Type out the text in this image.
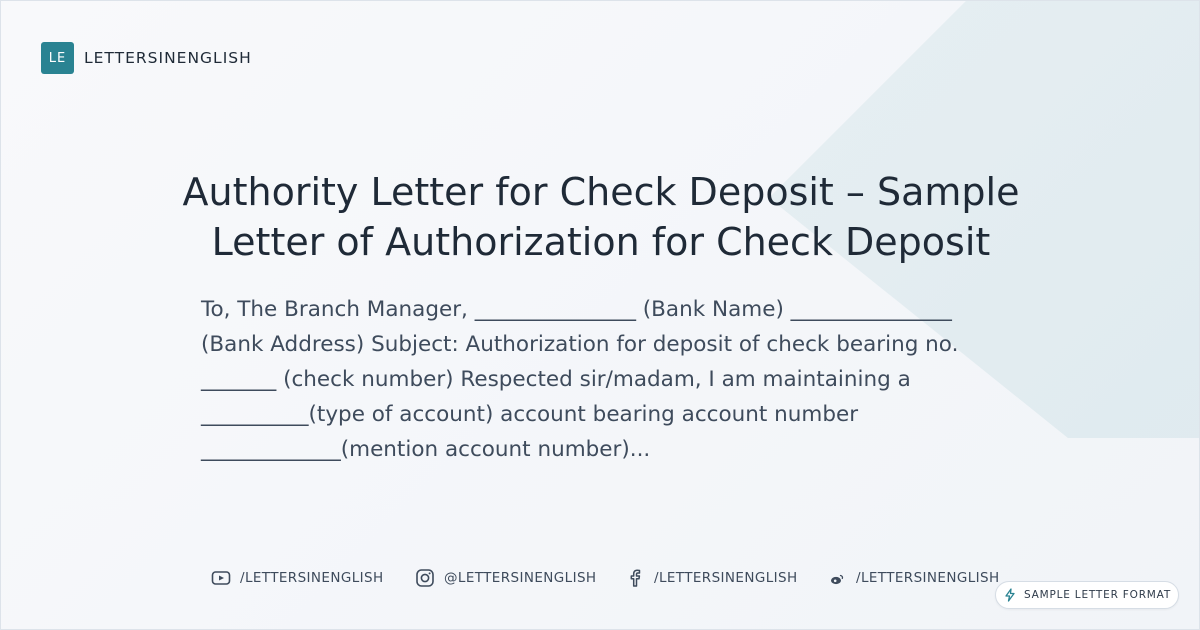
LE	LETTERSINENGLISH
Authority Letter for Check Deposit – Sample Letter of Authorization for Check Deposit

To, The Branch Manager, _______________ (Bank Name) _______________ (Bank Address) Subject: Authorization for deposit of check bearing no. _______ (check number) Respected sir/madam, I am maintaining a __________(type of account) account bearing account number _____________(mention account number)...

/LETTERSINENGLISH	@LETTERSINENGLISH	/LETTERSINENGLISH	/LETTERSINENGLISH
SAMPLE LETTER FORMAT
